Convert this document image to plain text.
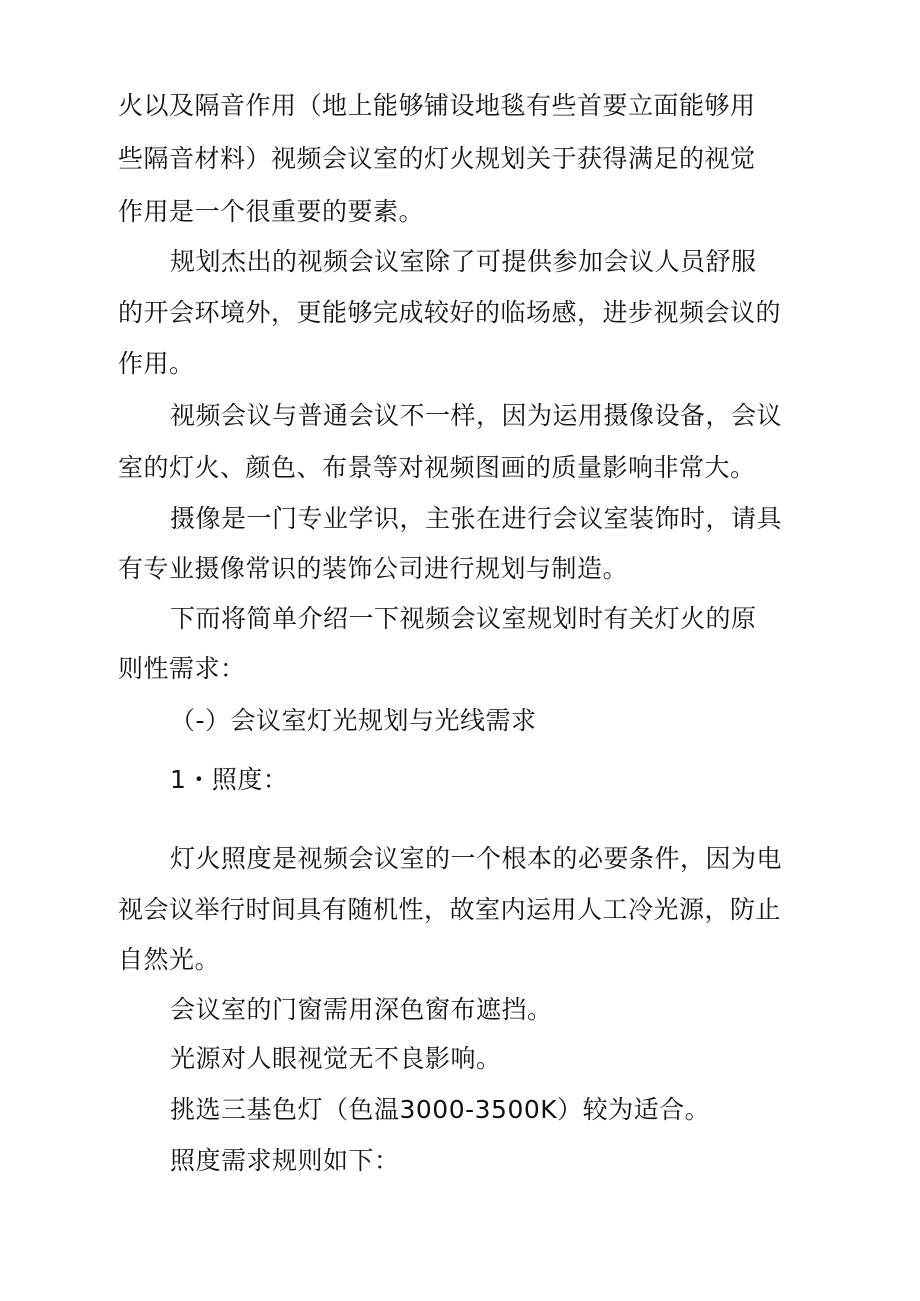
火以及隔音作用（地上能够铺设地毯有些首要立面能够用
些隔音材料）视频会议室的灯火规划关于获得满足的视觉
作用是一个很重要的要素。
规划杰出的视频会议室除了可提供参加会议人员舒服
的开会环境外，更能够完成较好的临场感，进步视频会议的
作用。
视频会议与普通会议不一样，因为运用摄像设备，会议
室的灯火、颜色、布景等对视频图画的质量影响非常大。
摄像是一门专业学识，主张在进行会议室装饰时，请具
有专业摄像常识的装饰公司进行规划与制造。
下而将简单介绍一下视频会议室规划时有关灯火的原
则性需求：
（-）会议室灯光规划与光线需求
1・照度：
灯火照度是视频会议室的一个根本的必要条件，因为电
视会议举行时间具有随机性，故室内运用人工冷光源，防止
自然光。
会议室的门窗需用深色窗布遮挡。
光源对人眼视觉无不良影响。
挑选三基色灯（色温3000-3500K）较为适合。
照度需求规则如下：
